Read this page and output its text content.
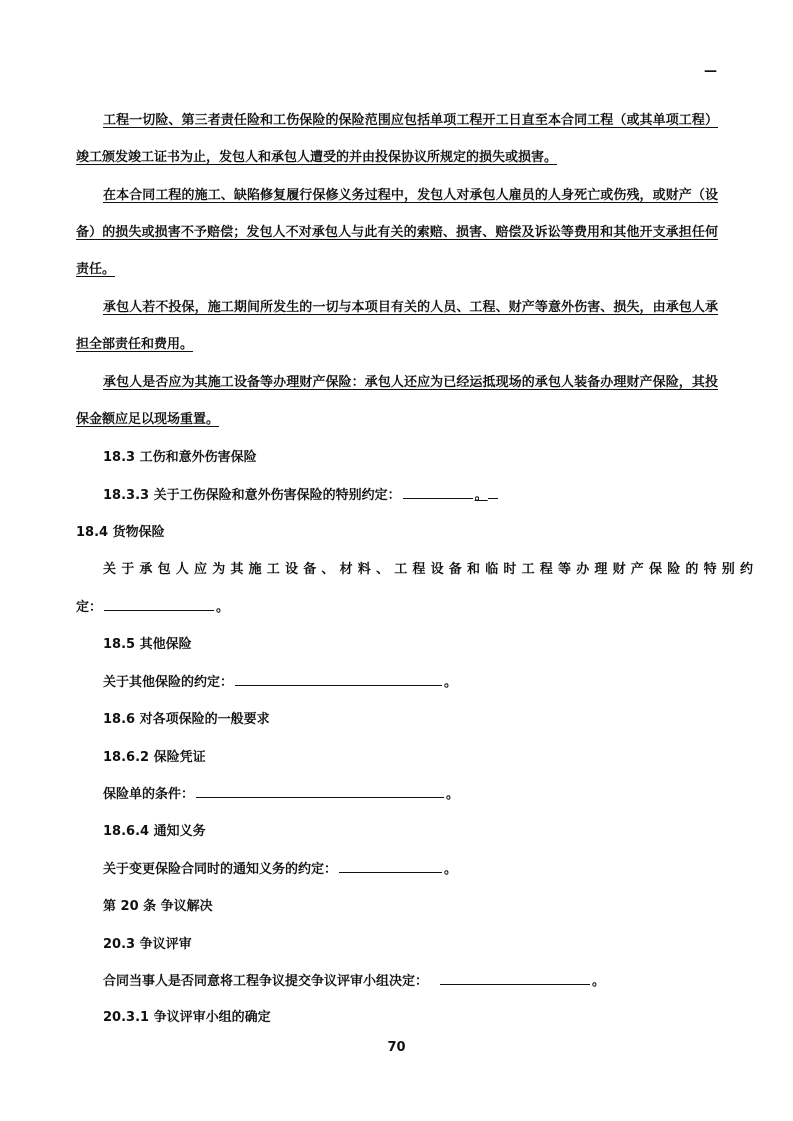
—

工程一切险、第三者责任险和工伤保险的保险范围应包括单项工程开工日直至本合同工程（或其单项工程）竣工颁发竣工证书为止，发包人和承包人遭受的并由投保协议所规定的损失或损害。

在本合同工程的施工、缺陷修复履行保修义务过程中，发包人对承包人雇员的人身死亡或伤残，或财产（设备）的损失或损害不予赔偿；发包人不对承包人与此有关的索赔、损害、赔偿及诉讼等费用和其他开支承担任何责任。

承包人若不投保，施工期间所发生的一切与本项目有关的人员、工程、财产等意外伤害、损失，由承包人承担全部责任和费用。

承包人是否应为其施工设备等办理财产保险：承包人还应为已经运抵现场的承包人装备办理财产保险，其投保金额应足以现场重置。

18.3 工伤和意外伤害保险
18.3.3 关于工伤保险和意外伤害保险的特别约定：	。
18.4 货物保险
关于承包人应为其施工设备、材料、工程设备和临时工程等办理财产保险的特别约
定：	。
18.5 其他保险
关于其他保险的约定：	。
18.6 对各项保险的一般要求
18.6.2 保险凭证
保险单的条件：	。
18.6.4 通知义务
关于变更保险合同时的通知义务的约定：	。
第 20 条 争议解决
20.3 争议评审
合同当事人是否同意将工程争议提交争议评审小组决定：	。
20.3.1 争议评审小组的确定
70
